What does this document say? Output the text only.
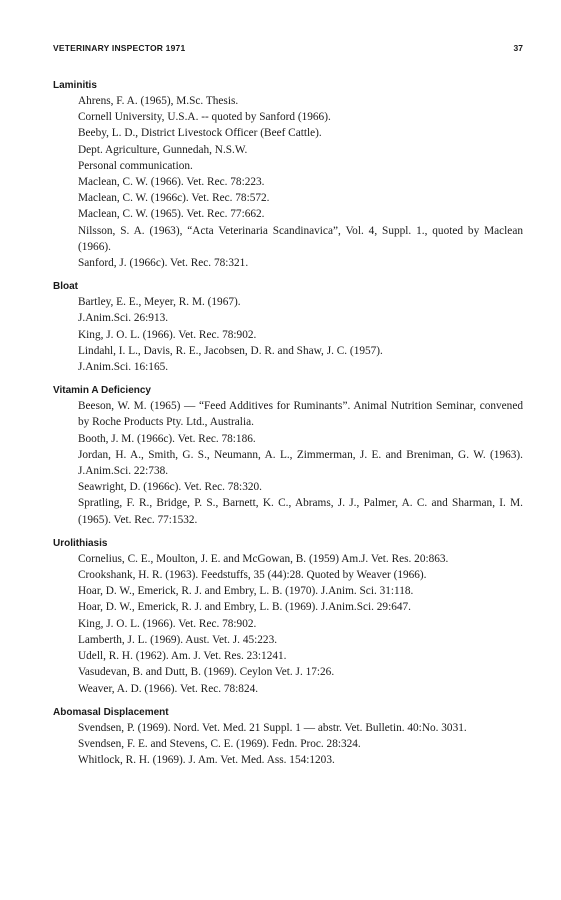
VETERINARY INSPECTOR 1971	37
Laminitis
Ahrens, F. A. (1965), M.Sc. Thesis.
Cornell University, U.S.A. -- quoted by Sanford (1966).
Beeby, L. D., District Livestock Officer (Beef Cattle).
Dept. Agriculture, Gunnedah, N.S.W.
Personal communication.
Maclean, C. W. (1966). Vet. Rec. 78:223.
Maclean, C. W. (1966c). Vet. Rec. 78:572.
Maclean, C. W. (1965). Vet. Rec. 77:662.
Nilsson, S. A. (1963), “Acta Veterinaria Scandinavica”, Vol. 4, Suppl. 1., quoted by Maclean (1966).
Sanford, J. (1966c). Vet. Rec. 78:321.
Bloat
Bartley, E. E., Meyer, R. M. (1967).
J.Anim.Sci. 26:913.
King, J. O. L. (1966). Vet. Rec. 78:902.
Lindahl, I. L., Davis, R. E., Jacobsen, D. R. and Shaw, J. C. (1957).
J.Anim.Sci. 16:165.
Vitamin A Deficiency
Beeson, W. M. (1965) — “Feed Additives for Ruminants”. Animal Nutrition Seminar, convened by Roche Products Pty. Ltd., Australia.
Booth, J. M. (1966c). Vet. Rec. 78:186.
Jordan, H. A., Smith, G. S., Neumann, A. L., Zimmerman, J. E. and Breniman, G. W. (1963). J.Anim.Sci. 22:738.
Seawright, D. (1966c). Vet. Rec. 78:320.
Spratling, F. R., Bridge, P. S., Barnett, K. C., Abrams, J. J., Palmer, A. C. and Sharman, I. M. (1965). Vet. Rec. 77:1532.
Urolithiasis
Cornelius, C. E., Moulton, J. E. and McGowan, B. (1959) Am.J. Vet. Res. 20:863.
Crookshank, H. R. (1963). Feedstuffs, 35 (44):28. Quoted by Weaver (1966).
Hoar, D. W., Emerick, R. J. and Embry, L. B. (1970). J.Anim. Sci. 31:118.
Hoar, D. W., Emerick, R. J. and Embry, L. B. (1969). J.Anim.Sci. 29:647.
King, J. O. L. (1966). Vet. Rec. 78:902.
Lamberth, J. L. (1969). Aust. Vet. J. 45:223.
Udell, R. H. (1962). Am. J. Vet. Res. 23:1241.
Vasudevan, B. and Dutt, B. (1969). Ceylon Vet. J. 17:26.
Weaver, A. D. (1966). Vet. Rec. 78:824.
Abomasal Displacement
Svendsen, P. (1969). Nord. Vet. Med. 21 Suppl. 1 — abstr. Vet. Bulletin. 40:No. 3031.
Svendsen, F. E. and Stevens, C. E. (1969). Fedn. Proc. 28:324.
Whitlock, R. H. (1969). J. Am. Vet. Med. Ass. 154:1203.
